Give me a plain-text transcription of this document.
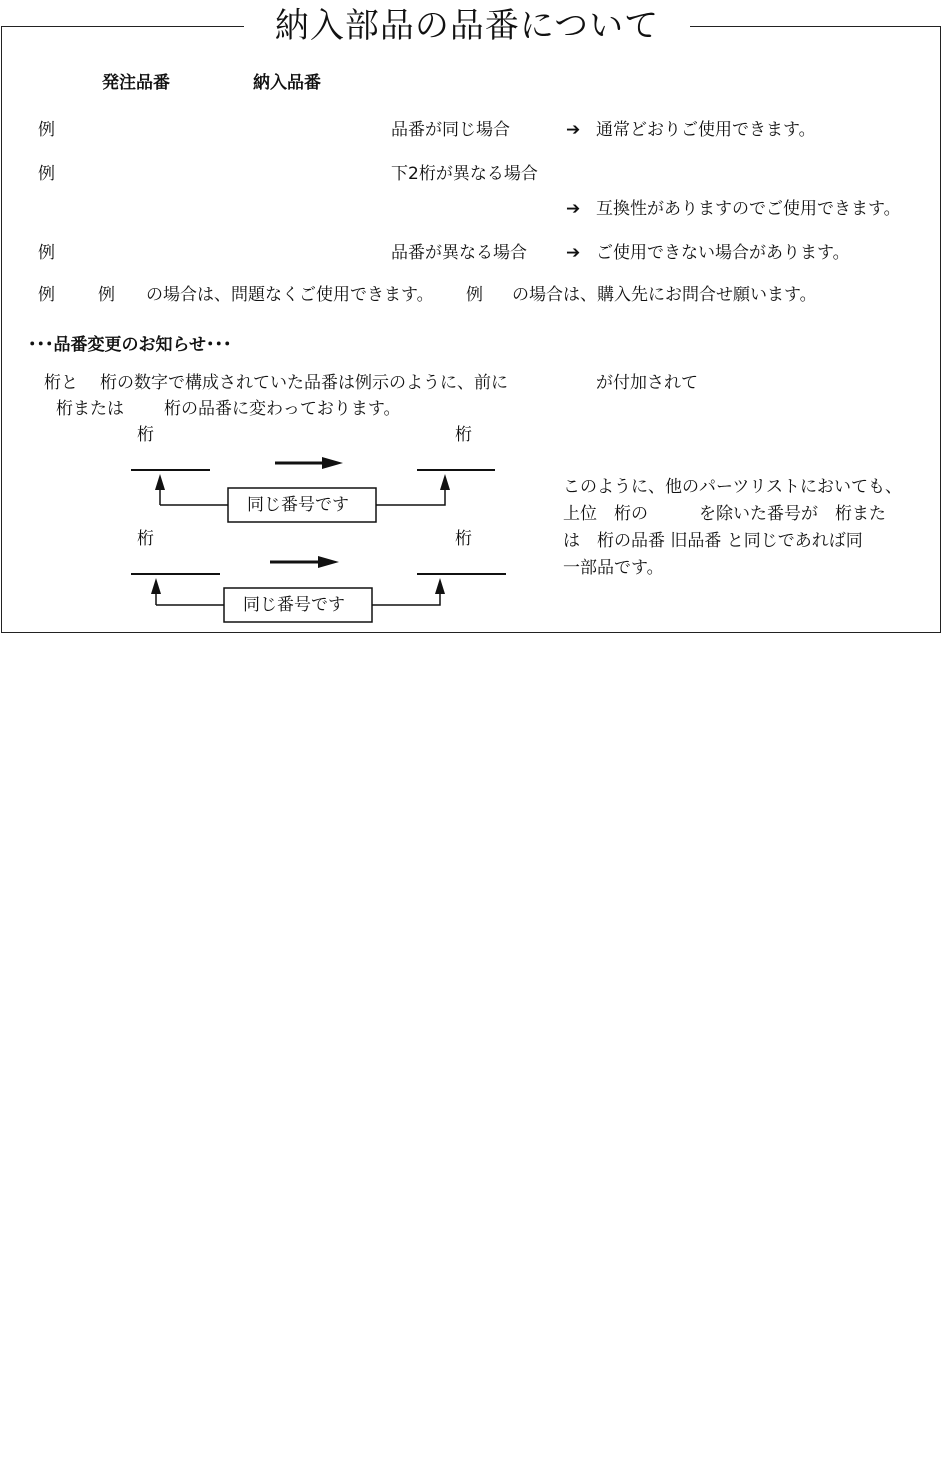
納入部品の品番について
発注品番	納入品番
例	品番が同じ場合	➔ 通常どおりご使用できます。
例	下2桁が異なる場合
➔ 互換性がありますのでご使用できます。
例	品番が異なる場合 ➔ ご使用できない場合があります。
例	例 の場合は、問題なくご使用できます。 例 の場合は、購入先にお問合せ願います。
･･･品番変更のお知らせ･･･
桁と 桁の数字で構成されていた品番は例示のように、前に	が付加されて
桁または 桁の品番に変わっております。
桁	桁
桁	桁
同じ番号です
同じ番号です
このように、他のパーツリストにおいても、
上位　桁の　　　を除いた番号が　桁また
は　桁の品番 旧品番 と同じであれば同
一部品です。
